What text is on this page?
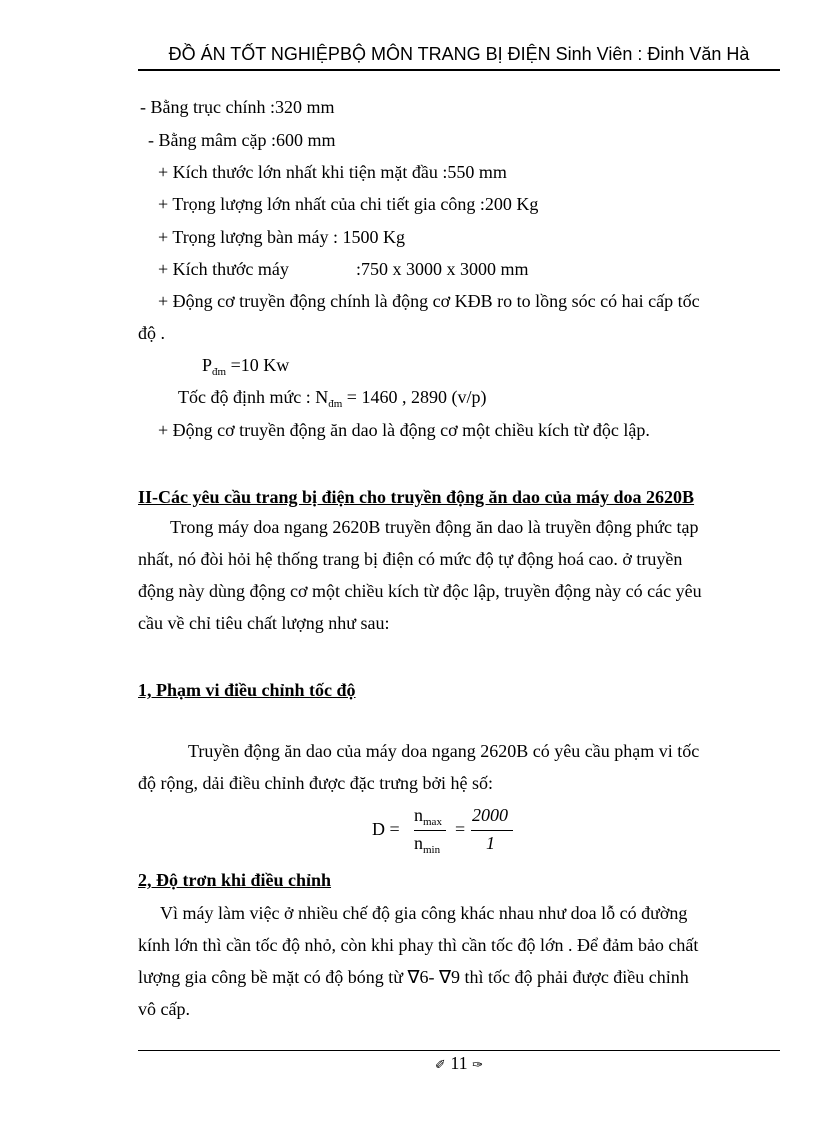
ĐỒ ÁN TỐT NGHIỆPBỘ MÔN TRANG BỊ ĐIỆN Sinh Viên : Đinh Văn Hà
- Bằng trục chính :320 mm
- Bằng mâm cặp :600 mm
+ Kích thước lớn nhất khi tiện mặt đầu :550 mm
+ Trọng lượng lớn nhất của chi tiết gia công :200 Kg
+ Trọng lượng bàn máy : 1500 Kg
+ Kích thước máy	:750 x 3000 x 3000 mm
+ Động cơ truyền động chính là động cơ KĐB ro to lồng sóc có hai cấp tốc
độ .
$P_{đm} =10$ Kw
Tốc độ định mức : $N_{đm} = 1460$ , 2890 (v/p)
+ Động cơ truyền động ăn dao là động cơ một chiều kích từ độc lập.
II-Các yêu cầu trang bị điện cho truyền động ăn dao của máy doa 2620B
Trong máy doa ngang 2620B truyền động ăn dao là truyền động phức tạp
nhất, nó đòi hỏi hệ thống trang bị điện có mức độ tự động hoá cao. ở truyền
động này dùng động cơ một chiều kích từ độc lập, truyền động này có các yêu
cầu về chỉ tiêu chất lượng như sau:
1, Phạm vi điều chỉnh tốc độ
Truyền động ăn dao của máy doa ngang 2620B có yêu cầu phạm vi tốc
độ rộng, dải điều chỉnh được đặc trưng bởi hệ số:
D =
$n_{max}$
$n_{min}$
=
2000
1
2, Độ trơn khi điều chỉnh
Vì máy làm việc ở nhiều chế độ gia công khác nhau như doa lỗ có đường
kính lớn thì cần tốc độ nhỏ, còn khi phay thì cần tốc độ lớn . Để đảm bảo chất
lượng gia công bề mặt có độ bóng từ ∇6- ∇9 thì tốc độ phải được điều chỉnh
vô cấp.
✐ 11 ✑
